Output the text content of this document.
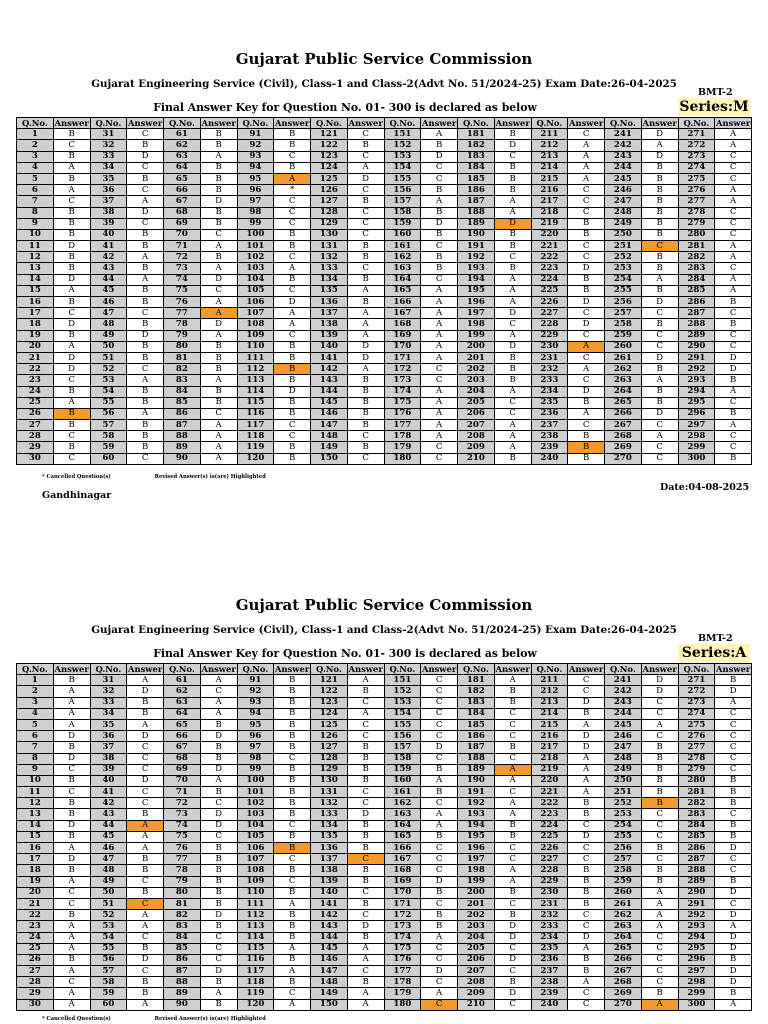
Gujarat Public Service Commission
Gujarat Engineering Service (Civil), Class-1 and Class-2(Advt No. 51/2024-25) Exam Date:26-04-2025
BMT-2
Final Answer Key for Question No. 01- 300 is declared as below	Series:M
Q.No.	Answer	Q.No.	Answer	Q.No.	Answer	Q.No.	Answer	Q.No.	Answer	Q.No.	Answer	Q.No.	Answer	Q.No.	Answer	Q.No.	Answer	Q.No.	Answer
1	B	31	C	61	B	91	B	121	C	151	A	181	B	211	C	241	D	271	A
2	C	32	B	62	B	92	B	122	B	152	B	182	D	212	A	242	A	272	A
3	B	33	D	63	A	93	C	123	C	153	D	183	C	213	A	243	D	273	C
4	A	34	C	64	B	94	B	124	A	154	C	184	B	214	A	244	B	274	C
5	B	35	B	65	B	95	A	125	D	155	C	185	B	215	A	245	B	275	C
6	A	36	C	66	B	96	*	126	C	156	B	186	B	216	C	246	B	276	A
7	C	37	A	67	D	97	C	127	B	157	A	187	A	217	C	247	B	277	A
8	B	38	D	68	B	98	C	128	C	158	B	188	A	218	C	248	B	278	C
9	B	39	C	69	B	99	C	129	C	159	D	189	D	219	B	249	B	279	C
10	B	40	B	70	C	100	B	130	C	160	B	190	B	220	B	250	B	280	C
11	D	41	B	71	A	101	B	131	B	161	C	191	B	221	C	251	C	281	A
12	B	42	A	72	B	102	C	132	B	162	B	192	C	222	C	252	B	282	A
13	B	43	B	73	A	103	A	133	C	163	B	193	B	223	D	253	B	283	C
14	D	44	A	74	D	104	B	134	B	164	C	194	A	224	B	254	A	284	A
15	A	45	B	75	C	105	C	135	A	165	A	195	A	225	B	255	B	285	A
16	B	46	B	76	A	106	D	136	B	166	A	196	A	226	D	256	D	286	B
17	C	47	C	77	A	107	A	137	A	167	A	197	D	227	C	257	C	287	C
18	D	48	B	78	D	108	A	138	A	168	A	198	C	228	D	258	B	288	B
19	B	49	D	79	A	109	C	139	A	169	A	199	A	229	C	259	C	289	C
20	A	50	B	80	B	110	B	140	D	170	A	200	D	230	A	260	C	290	C
21	D	51	B	81	B	111	B	141	D	171	A	201	B	231	C	261	D	291	D
22	D	52	C	82	B	112	B	142	A	172	C	202	B	232	A	262	B	292	D
23	C	53	A	83	A	113	B	143	B	173	C	203	B	233	C	263	A	293	B
24	B	54	B	84	B	114	D	144	B	174	A	204	A	234	D	264	B	294	A
25	A	55	B	85	B	115	B	145	B	175	A	205	C	235	B	265	B	295	C
26	B	56	A	86	C	116	B	146	B	176	A	206	C	236	A	266	D	296	B
27	B	57	B	87	A	117	C	147	B	177	A	207	A	237	C	267	C	297	A
28	C	58	B	88	A	118	C	148	C	178	A	208	A	238	B	268	A	298	C
29	B	59	B	89	A	119	B	149	B	179	C	209	A	239	B	269	C	299	C
30	C	60	C	90	A	120	B	150	C	180	C	210	B	240	B	270	C	300	B
* Cancelled Question(s)	Revised Answer(s) is(are) Highlighted
Gandhinagar
Date:04-08-2025
Gujarat Public Service Commission
Gujarat Engineering Service (Civil), Class-1 and Class-2(Advt No. 51/2024-25) Exam Date:26-04-2025
BMT-2
Final Answer Key for Question No. 01- 300 is declared as below	Series:A
Q.No.	Answer	Q.No.	Answer	Q.No.	Answer	Q.No.	Answer	Q.No.	Answer	Q.No.	Answer	Q.No.	Answer	Q.No.	Answer	Q.No.	Answer	Q.No.	Answer
1	B	31	A	61	A	91	B	121	A	151	C	181	A	211	C	241	D	271	B
2	A	32	D	62	C	92	B	122	B	152	C	182	B	212	C	242	D	272	D
3	A	33	B	63	A	93	B	123	C	153	C	183	B	213	D	243	C	273	A
4	A	34	B	64	A	94	B	124	A	154	C	184	C	214	B	244	C	274	C
5	A	35	A	65	B	95	B	125	C	155	C	185	C	215	A	245	A	275	C
6	D	36	D	66	D	96	B	126	C	156	C	186	C	216	D	246	C	276	C
7	B	37	C	67	B	97	B	127	B	157	D	187	B	217	D	247	B	277	C
8	D	38	C	68	B	98	C	128	B	158	C	188	C	218	A	248	B	278	C
9	C	39	C	69	D	99	B	129	B	159	B	189	A	219	A	249	B	279	C
10	B	40	D	70	A	100	B	130	B	160	A	190	A	220	A	250	B	280	B
11	C	41	C	71	B	101	B	131	C	161	B	191	C	221	A	251	B	281	B
12	B	42	C	72	C	102	B	132	C	162	C	192	A	222	B	252	B	282	B
13	B	43	B	73	D	103	B	133	D	163	A	193	A	223	B	253	C	283	C
14	D	44	A	74	D	104	C	134	B	164	A	194	B	224	C	254	C	284	B
15	B	45	A	75	C	105	B	135	B	165	B	195	B	225	D	255	C	285	B
16	A	46	A	76	B	106	B	136	B	166	C	196	C	226	C	256	B	286	D
17	D	47	B	77	B	107	C	137	C	167	C	197	C	227	C	257	C	287	C
18	B	48	B	78	B	108	B	138	B	168	C	198	A	228	B	258	B	288	C
19	A	49	C	79	B	109	C	139	B	169	D	199	A	229	B	259	B	289	B
20	C	50	B	80	B	110	B	140	C	170	B	200	B	230	B	260	A	290	D
21	C	51	C	81	B	111	A	141	B	171	C	201	C	231	B	261	A	291	C
22	B	52	A	82	D	112	B	142	C	172	B	202	B	232	C	262	A	292	D
23	A	53	A	83	B	113	B	143	D	173	B	203	D	233	C	263	A	293	A
24	A	54	C	84	C	114	B	144	B	174	A	204	D	234	D	264	C	294	D
25	A	55	B	85	C	115	A	145	A	175	C	205	C	235	A	265	C	295	D
26	B	56	D	86	C	116	B	146	A	176	C	206	D	236	B	266	C	296	B
27	A	57	C	87	D	117	A	147	C	177	D	207	C	237	B	267	C	297	D
28	C	58	B	88	B	118	B	148	B	178	C	208	B	238	A	268	C	298	D
29	A	59	B	89	A	119	C	149	A	179	A	209	D	239	C	269	B	299	B
30	A	60	A	90	B	120	A	150	A	180	C	210	C	240	C	270	A	300	A
* Cancelled Question(s)	Revised Answer(s) is(are) Highlighted
